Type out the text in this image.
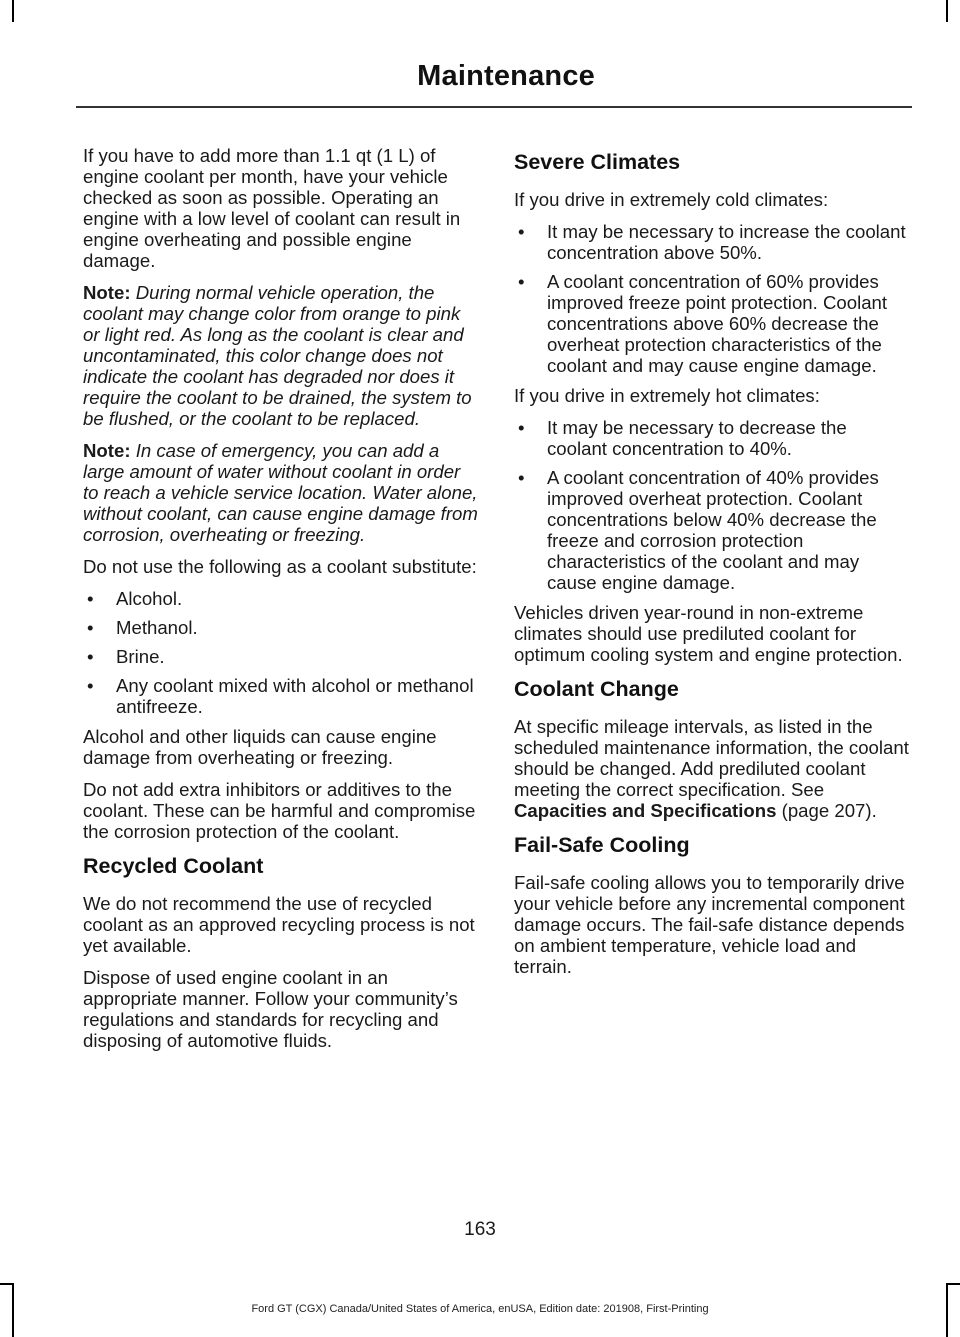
Maintenance

If you have to add more than 1.1 qt (1 L) of engine coolant per month, have your vehicle checked as soon as possible. Operating an engine with a low level of coolant can result in engine overheating and possible engine damage.

Note: During normal vehicle operation, the coolant may change color from orange to pink or light red. As long as the coolant is clear and uncontaminated, this color change does not indicate the coolant has degraded nor does it require the coolant to be drained, the system to be flushed, or the coolant to be replaced.

Note: In case of emergency, you can add a large amount of water without coolant in order to reach a vehicle service location. Water alone, without coolant, can cause engine damage from corrosion, overheating or freezing.

Do not use the following as a coolant substitute:

• Alcohol.
• Methanol.
• Brine.
• Any coolant mixed with alcohol or methanol antifreeze.

Alcohol and other liquids can cause engine damage from overheating or freezing.

Do not add extra inhibitors or additives to the coolant. These can be harmful and compromise the corrosion protection of the coolant.

Recycled Coolant

We do not recommend the use of recycled coolant as an approved recycling process is not yet available.

Dispose of used engine coolant in an appropriate manner. Follow your community’s regulations and standards for recycling and disposing of automotive fluids.

Severe Climates

If you drive in extremely cold climates:

• It may be necessary to increase the coolant concentration above 50%.
• A coolant concentration of 60% provides improved freeze point protection. Coolant concentrations above 60% decrease the overheat protection characteristics of the coolant and may cause engine damage.

If you drive in extremely hot climates:

• It may be necessary to decrease the coolant concentration to 40%.
• A coolant concentration of 40% provides improved overheat protection. Coolant concentrations below 40% decrease the freeze and corrosion protection characteristics of the coolant and may cause engine damage.

Vehicles driven year-round in non-extreme climates should use prediluted coolant for optimum cooling system and engine protection.

Coolant Change

At specific mileage intervals, as listed in the scheduled maintenance information, the coolant should be changed. Add prediluted coolant meeting the correct specification. See Capacities and Specifications (page 207).

Fail-Safe Cooling

Fail-safe cooling allows you to temporarily drive your vehicle before any incremental component damage occurs. The fail-safe distance depends on ambient temperature, vehicle load and terrain.

163
Ford GT (CGX) Canada/United States of America, enUSA, Edition date: 201908, First-Printing
